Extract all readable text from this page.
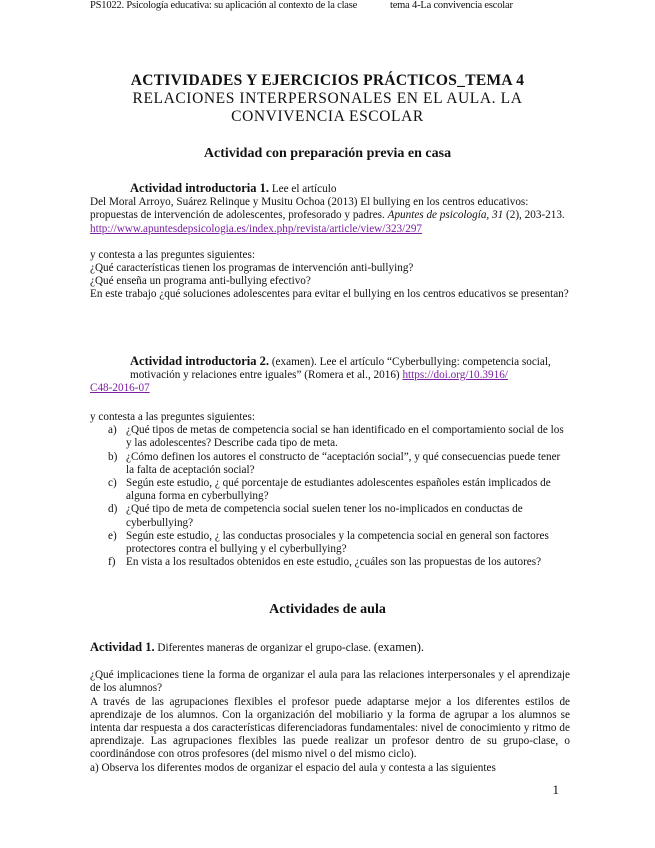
PS1022. Psicología educativa: su aplicación al contexto de la clase	tema 4-La convivencia escolar
ACTIVIDADES Y EJERCICIOS PRÁCTICOS_TEMA 4
RELACIONES INTERPERSONALES EN EL AULA. LA
CONVIVENCIA ESCOLAR
Actividad con preparación previa en casa
Actividad introductoria 1. Lee el artículo
Del Moral Arroyo, Suárez Relinque y Musitu Ochoa (2013) El bullying en los centros educativos: propuestas de intervención de adolescentes, profesorado y padres. Apuntes de psicología, 31 (2), 203-213.
http://www.apuntesdepsicologia.es/index.php/revista/article/view/323/297
y contesta a las preguntes siguientes:
¿Qué características tienen los programas de intervención anti-bullying?
¿Qué enseña un programa anti-bullying efectivo?
En este trabajo ¿qué soluciones adolescentes para evitar el bullying en los centros educativos se presentan?
Actividad introductoria 2. (examen). Lee el artículo “Cyberbullying: competencia social, motivación y relaciones entre iguales” (Romera et al., 2016) https://doi.org/10.3916/
C48-2016-07
y contesta a las preguntes siguientes:
a) ¿Qué tipos de metas de competencia social se han identificado en el comportamiento social de los y las adolescentes? Describe cada tipo de meta.
b) ¿Cómo definen los autores el constructo de “aceptación social”, y qué consecuencias puede tener la falta de aceptación social?
c) Según este estudio, ¿ qué porcentaje de estudiantes adolescentes españoles están implicados de alguna forma en cyberbullying?
d) ¿Qué tipo de meta de competencia social suelen tener los no-implicados en conductas de cyberbullying?
e) Según este estudio, ¿ las conductas prosociales y la competencia social en general son factores protectores contra el bullying y el cyberbullying?
f) En vista a los resultados obtenidos en este estudio, ¿cuáles son las propuestas de los autores?
Actividades de aula
Actividad 1. Diferentes maneras de organizar el grupo-clase. (examen).
¿Qué implicaciones tiene la forma de organizar el aula para las relaciones interpersonales y el aprendizaje de los alumnos?
A través de las agrupaciones flexibles el profesor puede adaptarse mejor a los diferentes estilos de aprendizaje de los alumnos. Con la organización del mobiliario y la forma de agrupar a los alumnos se intenta dar respuesta a dos características diferenciadoras fundamentales: nivel de conocimiento y ritmo de aprendizaje. Las agrupaciones flexibles las puede realizar un profesor dentro de su grupo-clase, o coordinándose con otros profesores (del mismo nivel o del mismo ciclo).
a) Observa los diferentes modos de organizar el espacio del aula y contesta a las siguientes
1
